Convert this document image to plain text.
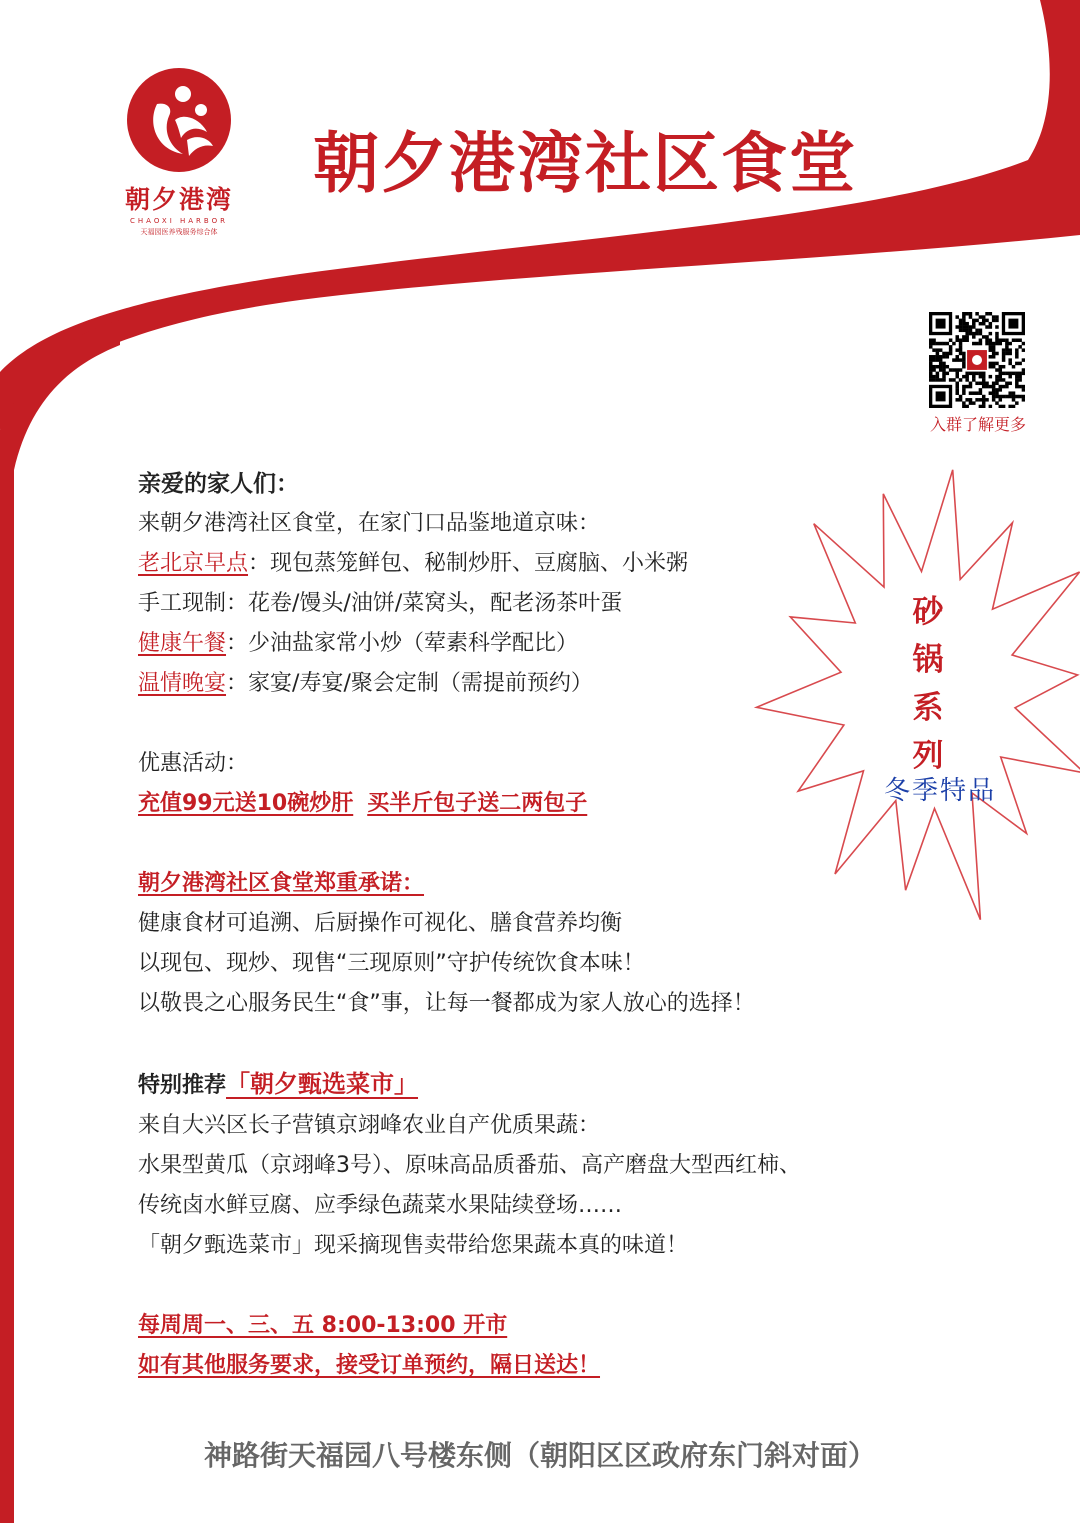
朝夕港湾
CHAOXI HARBOR
天福园医养残服务综合体
朝夕港湾社区食堂
入群了解更多
砂
锅
系
列
冬季特品

亲爱的家人们：

来朝夕港湾社区食堂，在家门口品鉴地道京味：

老北京早点：现包蒸笼鲜包、秘制炒肝、豆腐脑、小米粥

手工现制：花卷/馒头/油饼/菜窝头，配老汤茶叶蛋

健康午餐：少油盐家常小炒（荤素科学配比）

温情晚宴：家宴/寿宴/聚会定制（需提前预约）

优惠活动：

充值99元送10碗炒肝 买半斤包子送二两包子

朝夕港湾社区食堂郑重承诺：

健康食材可追溯、后厨操作可视化、膳食营养均衡

以现包、现炒、现售“三现原则”守护传统饮食本味！

以敬畏之心服务民生“食”事，让每一餐都成为家人放心的选择！

特别推荐「朝夕甄选菜市」

来自大兴区长子营镇京翊峰农业自产优质果蔬：

水果型黄瓜（京翊峰3号）、原味高品质番茄、高产磨盘大型西红柿、

传统卤水鲜豆腐、应季绿色蔬菜水果陆续登场……

「朝夕甄选菜市」现采摘现售卖带给您果蔬本真的味道！

每周周一、三、五 8:00-13:00 开市

如有其他服务要求，接受订单预约，隔日送达！

神路街天福园八号楼东侧（朝阳区区政府东门斜对面）
